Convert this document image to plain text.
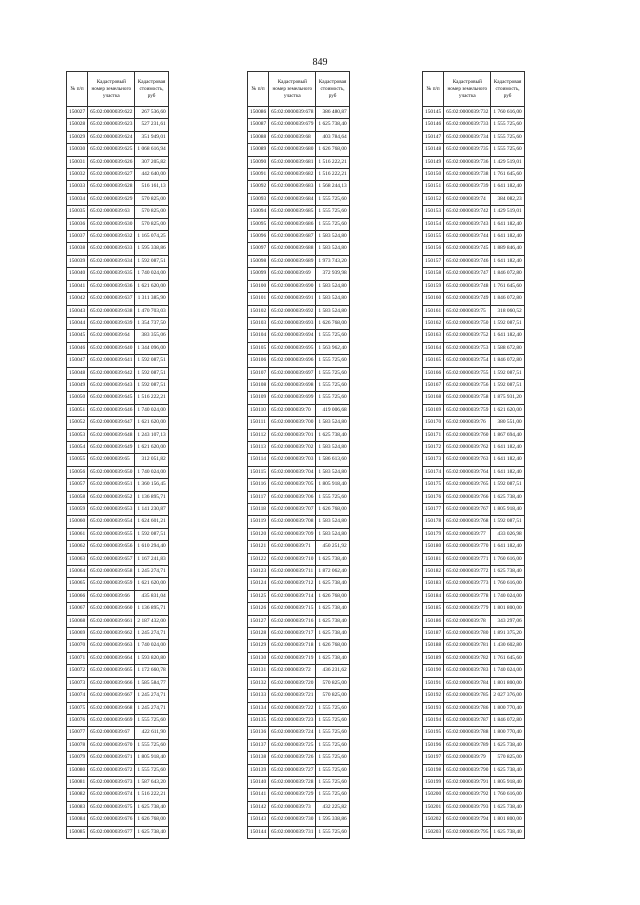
849
№ п/п	Кадастровый номер земельного участка	Кадастровая стоимость, руб
150027	65:02:0000039:622	267 536,60
150028	65:02:0000039:623	527 231,61
150029	65:02:0000039:624	351 949,01
150030	65:02:0000039:625	1 068 616,94
150031	65:02:0000039:626	307 205,82
150032	65:02:0000039:627	442 640,00
150033	65:02:0000039:628	516 161,13
150034	65:02:0000039:629	570 825,00
150035	65:02:0000039:63	570 825,00
150036	65:02:0000039:630	570 825,00
150037	65:02:0000039:632	1 165 074,25
150038	65:02:0000039:633	1 595 338,86
150039	65:02:0000039:634	1 592 087,51
150040	65:02:0000039:635	1 740 024,00
150041	65:02:0000039:636	1 621 620,00
150042	65:02:0000039:637	1 311 385,90
150043	65:02:0000039:638	1 470 703,03
150044	65:02:0000039:639	1 354 737,50
150045	65:02:0000039:64	383 355,06
150046	65:02:0000039:640	1 344 096,00
150047	65:02:0000039:641	1 592 087,51
150048	65:02:0000039:642	1 592 087,51
150049	65:02:0000039:643	1 592 087,51
150050	65:02:0000039:645	1 516 222,21
150051	65:02:0000039:646	1 740 024,00
150052	65:02:0000039:647	1 621 620,00
150053	65:02:0000039:648	1 243 107,13
150054	65:02:0000039:649	1 621 620,00
150055	65:02:0000039:65	312 051,82
150056	65:02:0000039:650	1 740 024,00
150057	65:02:0000039:651	1 360 156,45
150058	65:02:0000039:652	1 136 895,71
150059	65:02:0000039:653	1 141 230,87
150060	65:02:0000039:654	1 624 601,21
150061	65:02:0000039:655	1 592 087,51
150062	65:02:0000039:656	1 610 294,40
150063	65:02:0000039:657	1 167 241,83
150064	65:02:0000039:658	1 245 274,71
150065	65:02:0000039:659	1 621 620,00
150066	65:02:0000039:66	435 831,04
150067	65:02:0000039:660	1 136 895,71
150068	65:02:0000039:661	2 187 432,00
150069	65:02:0000039:662	1 245 274,71
150070	65:02:0000039:663	1 740 024,00
150071	65:02:0000039:664	1 593 820,80
150072	65:02:0000039:665	1 172 660,78
150073	65:02:0000039:666	1 585 584,77
150074	65:02:0000039:667	1 245 274,71
150075	65:02:0000039:668	1 245 274,71
150076	65:02:0000039:669	1 555 725,60
150077	65:02:0000039:67	422 611,90
150078	65:02:0000039:670	1 555 725,60
150079	65:02:0000039:671	1 805 918,40
150080	65:02:0000039:672	1 555 725,60
150081	65:02:0000039:673	1 587 643,20
150082	65:02:0000039:674	1 516 222,21
150083	65:02:0000039:675	1 625 738,40
150084	65:02:0000039:676	1 626 768,00
150085	65:02:0000039:677	1 625 738,40
№ п/п	Кадастровый номер земельного участка	Кадастровая стоимость, руб
150086	65:02:0000039:678	386 480,87
150087	65:02:0000039:679	1 625 738,40
150088	65:02:0000039:68	403 784,64
150089	65:02:0000039:680	1 626 768,00
150090	65:02:0000039:681	1 516 222,21
150091	65:02:0000039:682	1 516 222,21
150092	65:02:0000039:683	1 568 244,13
150093	65:02:0000039:684	1 555 725,60
150094	65:02:0000039:685	1 555 725,60
150095	65:02:0000039:686	1 555 725,60
150096	65:02:0000039:687	1 583 524,80
150097	65:02:0000039:688	1 583 524,80
150098	65:02:0000039:689	1 973 743,20
150099	65:02:0000039:69	372 939,98
150100	65:02:0000039:690	1 583 524,80
150101	65:02:0000039:691	1 583 524,80
150102	65:02:0000039:692	1 583 524,80
150103	65:02:0000039:693	1 626 768,00
150104	65:02:0000039:694	1 555 725,60
150105	65:02:0000039:695	1 563 962,40
150106	65:02:0000039:696	1 555 725,60
150107	65:02:0000039:697	1 555 725,60
150108	65:02:0000039:698	1 555 725,60
150109	65:02:0000039:699	1 555 725,60
150110	65:02:0000039:70	419 006,68
150111	65:02:0000039:700	1 583 524,80
150112	65:02:0000039:701	1 625 738,40
150113	65:02:0000039:702	1 583 524,80
150114	65:02:0000039:703	1 586 613,60
150115	65:02:0000039:704	1 583 524,80
150116	65:02:0000039:705	1 805 918,40
150117	65:02:0000039:706	1 555 725,60
150118	65:02:0000039:707	1 626 768,00
150119	65:02:0000039:708	1 583 524,80
150120	65:02:0000039:709	1 583 524,80
150121	65:02:0000039:71	450 251,92
150122	65:02:0000039:710	1 625 738,40
150123	65:02:0000039:711	1 872 062,40
150124	65:02:0000039:712	1 625 738,40
150125	65:02:0000039:714	1 626 768,00
150126	65:02:0000039:715	1 625 738,40
150127	65:02:0000039:716	1 625 738,40
150128	65:02:0000039:717	1 625 738,40
150129	65:02:0000039:718	1 626 768,00
150130	65:02:0000039:719	1 625 738,40
150131	65:02:0000039:72	436 231,62
150132	65:02:0000039:720	570 825,00
150133	65:02:0000039:721	570 825,00
150134	65:02:0000039:722	1 555 725,60
150135	65:02:0000039:723	1 555 725,60
150136	65:02:0000039:724	1 555 725,60
150137	65:02:0000039:725	1 555 725,60
150138	65:02:0000039:726	1 555 725,60
150139	65:02:0000039:727	1 555 725,60
150140	65:02:0000039:728	1 555 725,60
150141	65:02:0000039:729	1 555 725,60
150142	65:02:0000039:73	432 225,82
150143	65:02:0000039:730	1 595 338,86
150144	65:02:0000039:731	1 555 725,60
№ п/п	Кадастровый номер земельного участка	Кадастровая стоимость, руб
150145	65:02:0000039:732	1 760 616,00
150146	65:02:0000039:733	1 555 725,60
150147	65:02:0000039:734	1 555 725,60
150148	65:02:0000039:735	1 555 725,60
150149	65:02:0000039:736	1 429 519,01
150150	65:02:0000039:738	1 761 645,60
150151	65:02:0000039:739	1 641 182,40
150152	65:02:0000039:74	384 082,23
150153	65:02:0000039:742	1 429 519,01
150154	65:02:0000039:743	1 641 182,40
150155	65:02:0000039:744	1 641 182,40
150156	65:02:0000039:745	1 889 846,40
150157	65:02:0000039:746	1 641 182,40
150158	65:02:0000039:747	1 846 072,80
150159	65:02:0000039:748	1 761 645,60
150160	65:02:0000039:749	1 846 072,80
150161	65:02:0000039:75	318 060,52
150162	65:02:0000039:750	1 592 087,51
150163	65:02:0000039:752	1 641 182,40
150164	65:02:0000039:753	1 588 672,80
150165	65:02:0000039:754	1 846 072,80
150166	65:02:0000039:755	1 592 087,51
150167	65:02:0000039:756	1 592 087,51
150168	65:02:0000039:758	1 875 931,20
150169	65:02:0000039:759	1 621 620,00
150170	65:02:0000039:76	380 551,00
150171	65:02:0000039:760	1 867 694,40
150172	65:02:0000039:762	1 641 182,40
150173	65:02:0000039:763	1 641 182,40
150174	65:02:0000039:764	1 641 182,40
150175	65:02:0000039:765	1 592 087,51
150176	65:02:0000039:766	1 625 738,40
150177	65:02:0000039:767	1 805 918,40
150178	65:02:0000039:768	1 592 087,51
150179	65:02:0000039:77	433 026,98
150180	65:02:0000039:770	1 641 182,40
150181	65:02:0000039:771	1 760 616,00
150182	65:02:0000039:772	1 625 738,40
150183	65:02:0000039:773	1 760 616,00
150184	65:02:0000039:778	1 740 024,00
150185	65:02:0000039:779	1 801 800,00
150186	65:02:0000039:78	343 297,06
150187	65:02:0000039:780	1 891 375,20
150188	65:02:0000039:781	1 430 602,80
150189	65:02:0000039:782	1 761 645,60
150190	65:02:0000039:783	1 740 024,00
150191	65:02:0000039:784	1 801 800,00
150192	65:02:0000039:785	2 027 376,00
150193	65:02:0000039:786	1 800 770,40
150194	65:02:0000039:787	1 846 072,80
150195	65:02:0000039:788	1 800 770,40
150196	65:02:0000039:789	1 625 738,40
150197	65:02:0000039:79	570 825,00
150198	65:02:0000039:790	1 625 738,40
150199	65:02:0000039:791	1 805 918,40
150200	65:02:0000039:792	1 760 616,00
150201	65:02:0000039:793	1 625 738,40
150202	65:02:0000039:794	1 801 800,00
150203	65:02:0000039:795	1 625 738,40
